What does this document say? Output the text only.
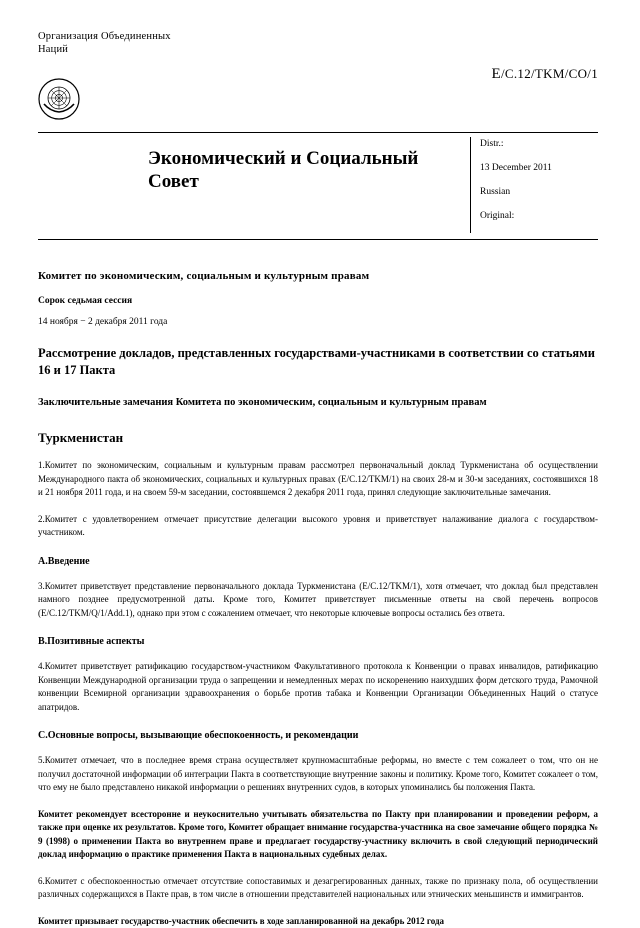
Организация Объединенных
Наций
E/C.12/TKM/CO/1
Экономический и Социальный Совет
Distr.:
13 December 2011
Russian
Original:
Комитет по экономическим, социальным и культурным правам
Сорок седьмая сессия
14 ноября − 2 декабря 2011 года
Рассмотрение докладов, представленных государствами-участниками в соответствии со статьями 16 и 17 Пакта
Заключительные замечания Комитета по экономическим, социальным и культурным правам
Туркменистан

1.Комитет по экономическим, социальным и культурным правам рассмотрел первоначальный доклад Туркменистана об осуществлении Международного пакта об экономических, социальных и культурных правах (E/C.12/TKM/1) на своих 28-м и 30-м заседаниях, состоявшихся 18 и 21 ноября 2011 года, и на своем 59-м заседании, состоявшемся 2 декабря 2011 года, принял следующие заключительные замечания.

2.Комитет с удовлетворением отмечает присутствие делегации высокого уровня и приветствует налаживание диалога с государством-участником.

A.Введение

3.Комитет приветствует представление первоначального доклада Туркменистана (E/C.12/TKM/1), хотя отмечает, что доклад был представлен намного позднее предусмотренной даты. Кроме того, Комитет приветствует письменные ответы на свой перечень вопросов (E/C.12/TKM/Q/1/Add.1), однако при этом с сожалением отмечает, что некоторые ключевые вопросы остались без ответа.

B.Позитивные аспекты

4.Комитет приветствует ратификацию государством-участником Факультативного протокола к Конвенции о правах инвалидов, ратификацию Конвенции Международной организации труда о запрещении и немедленных мерах по искоренению наихудших форм детского труда, Рамочной конвенции Всемирной организации здравоохранения о борьбе против табака и Конвенции Организации Объединенных Наций о статусе апатридов.

C.Основные вопросы, вызывающие обеспокоенность, и рекомендации

5.Комитет отмечает, что в последнее время страна осуществляет крупномасштабные реформы, но вместе с тем сожалеет о том, что он не получил достаточной информации об интеграции Пакта в соответствующие внутренние законы и политику. Кроме того, Комитет сожалеет о том, что ему не было представлено никакой информации о решениях внутренних судов, в которых упоминались бы положения Пакта.

Комитет рекомендует всесторонне и неукоснительно учитывать обязательства по Пакту при планировании и проведении реформ, а также при оценке их результатов. Кроме того, Комитет обращает внимание государства-участника на свое замечание общего порядка № 9 (1998) о применении Пакта во внутреннем праве и предлагает государству-участнику включить в свой следующий периодический доклад информацию о практике применения Пакта в национальных судебных делах.

6.Комитет с обеспокоенностью отмечает отсутствие сопоставимых и дезагрегированных данных, также по признаку пола, об осуществлении различных содержащихся в Пакте прав, в том числе в отношении представителей национальных или этнических меньшинств и иммигрантов.

Комитет призывает государство-участник обеспечить в ходе запланированной на декабрь 2012 года
